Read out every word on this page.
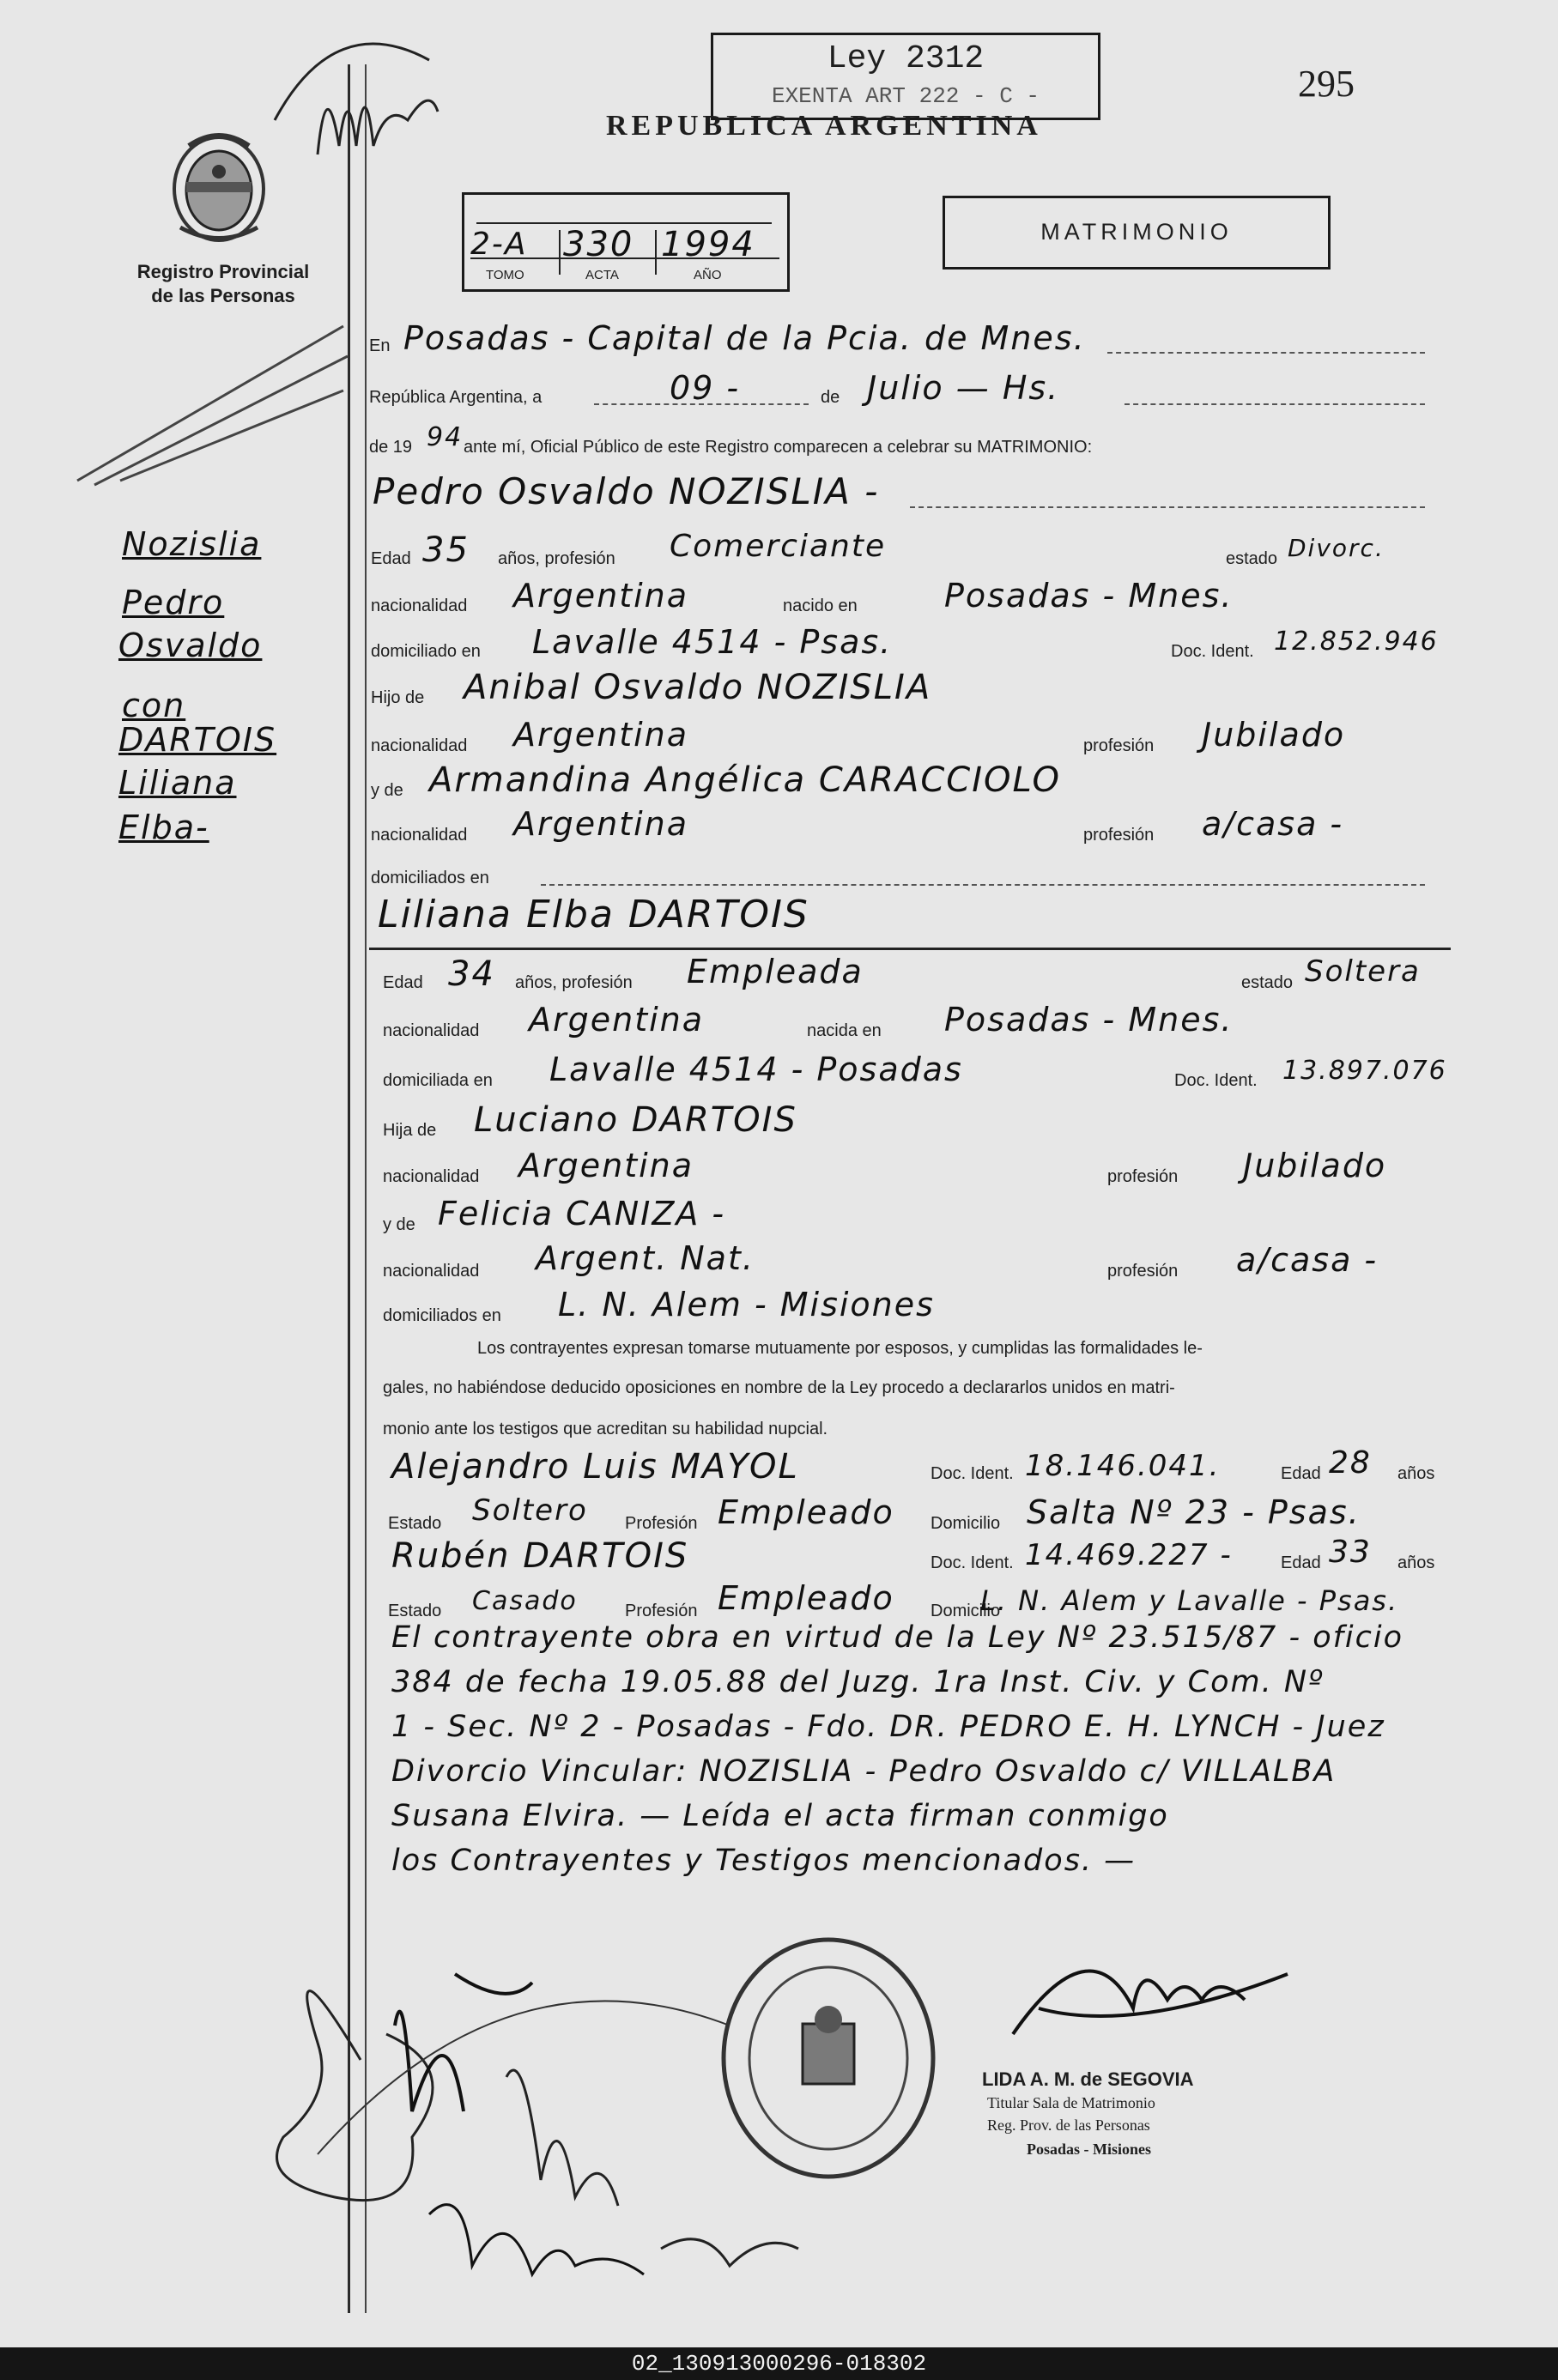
Ley 2312
EXENTA ART 222 - C -	295
REPUBLICA ARGENTINA
Registro Provincial
de las Personas
2-A 330 1994
TOMO	ACTA	AÑO
MATRIMONIO
En Posadas - Capital de la Pcia. de Mnes.
República Argentina, a	09 -	de Julio — Hs.
de 19 94 ante mí, Oficial Público de este Registro comparecen a celebrar su MATRIMONIO:
Pedro Osvaldo NOZISLIA -
Nozislia
Pedro
Osvaldo
con
DARTOIS
Liliana
Elba-
Edad 35 años, profesión Comerciante	estado Divorc.
nacionalidad Argentina	nacido en	Posadas - Mnes.
domiciliado en Lavalle 4514 - Psas.	Doc. Ident. 12.852.946
Hijo de Anibal Osvaldo NOZISLIA
nacionalidad Argentina	profesión Jubilado
y de Armandina Angélica CARACCIOLO
nacionalidad Argentina	profesión a/casa -
domiciliados en
Liliana Elba DARTOIS
Edad 34 años, profesión Empleada	estado Soltera
nacionalidad Argentina	nacida en Posadas - Mnes.
domiciliada en Lavalle 4514 - Posadas	Doc. Ident. 13.897.076
Hija de Luciano DARTOIS
nacionalidad Argentina	profesión Jubilado
y de Felicia CANIZA -
nacionalidad Argent. Nat.	profesión a/casa -
domiciliados en L. N. Alem - Misiones
Los contrayentes expresan tomarse mutuamente por esposos, y cumplidas las formalidades le-
gales, no habiéndose deducido oposiciones en nombre de la Ley procedo a declararlos unidos en matri-
monio ante los testigos que acreditan su habilidad nupcial.
Alejandro Luis MAYOL	Doc. Ident. 18.146.041.	Edad 28 años
Estado Soltero Profesión Empleado Domicilio Salta Nº 23 - Psas.
Rubén DARTOIS	Doc. Ident. 14.469.227 -	Edad 33 años
Estado Casado	Profesión Empleado Domicilio
L. N. Alem y Lavalle - Psas.
El contrayente obra en virtud de la Ley Nº 23.515/87 - oficio
384 de fecha 19.05.88 del Juzg. 1ra Inst. Civ. y Com. Nº
1 - Sec. Nº 2 - Posadas - Fdo. DR. PEDRO E. H. LYNCH - Juez
Divorcio Vincular: NOZISLIA - Pedro Osvaldo c/ VILLALBA
Susana Elvira. — Leída el acta firman conmigo
los Contrayentes y Testigos mencionados. —
LIDA A. M. de SEGOVIA
Titular Sala de Matrimonio
Reg. Prov. de las Personas
Posadas - Misiones
02_130913000296-018302
